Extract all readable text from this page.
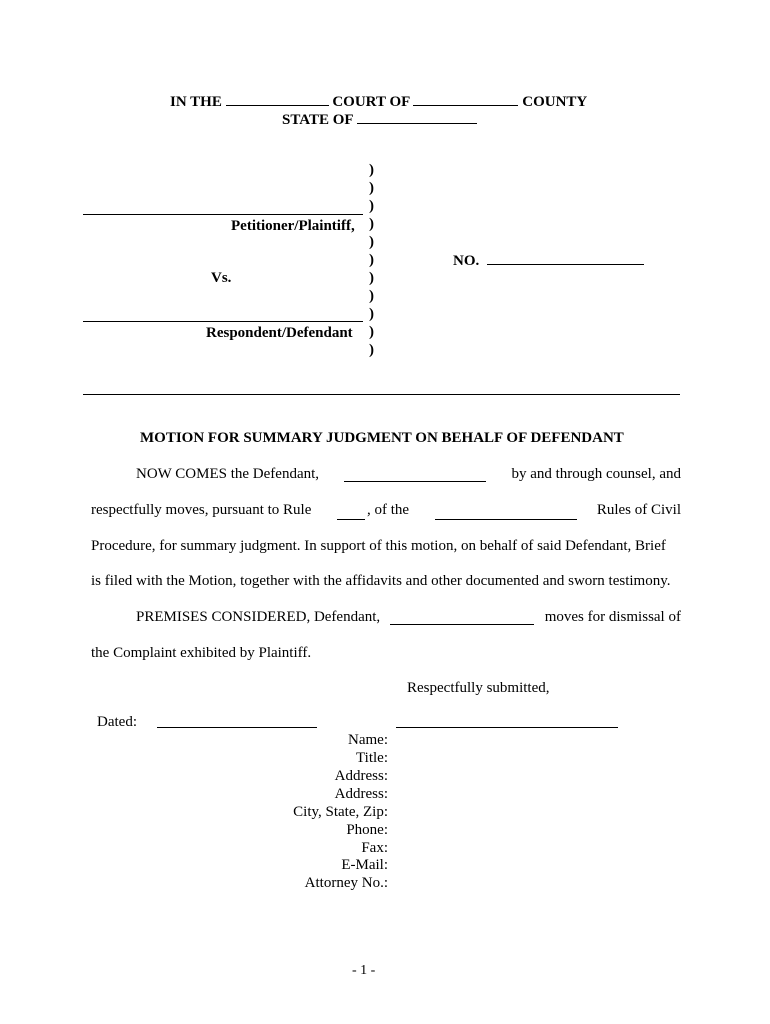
IN THE	COURT OF	COUNTY
STATE OF
)
)
)
)
)
)
)
)
)
)
)
Petitioner/Plaintiff,
Vs.
Respondent/Defendant
NO.
MOTION FOR SUMMARY JUDGMENT ON BEHALF OF DEFENDANT
NOW COMES the Defendant,	by and through counsel, and
respectfully moves, pursuant to Rule	, of the	Rules of Civil
Procedure, for summary judgment. In support of this motion, on behalf of said Defendant, Brief
is filed with the Motion, together with the affidavits and other documented and sworn testimony.
PREMISES CONSIDERED, Defendant,	moves for dismissal of
the Complaint exhibited by Plaintiff.
Respectfully submitted,
Dated:
Name:
Title:
Address:
Address:
City, State, Zip:
Phone:
Fax:
E-Mail:
Attorney No.:
- 1 -
